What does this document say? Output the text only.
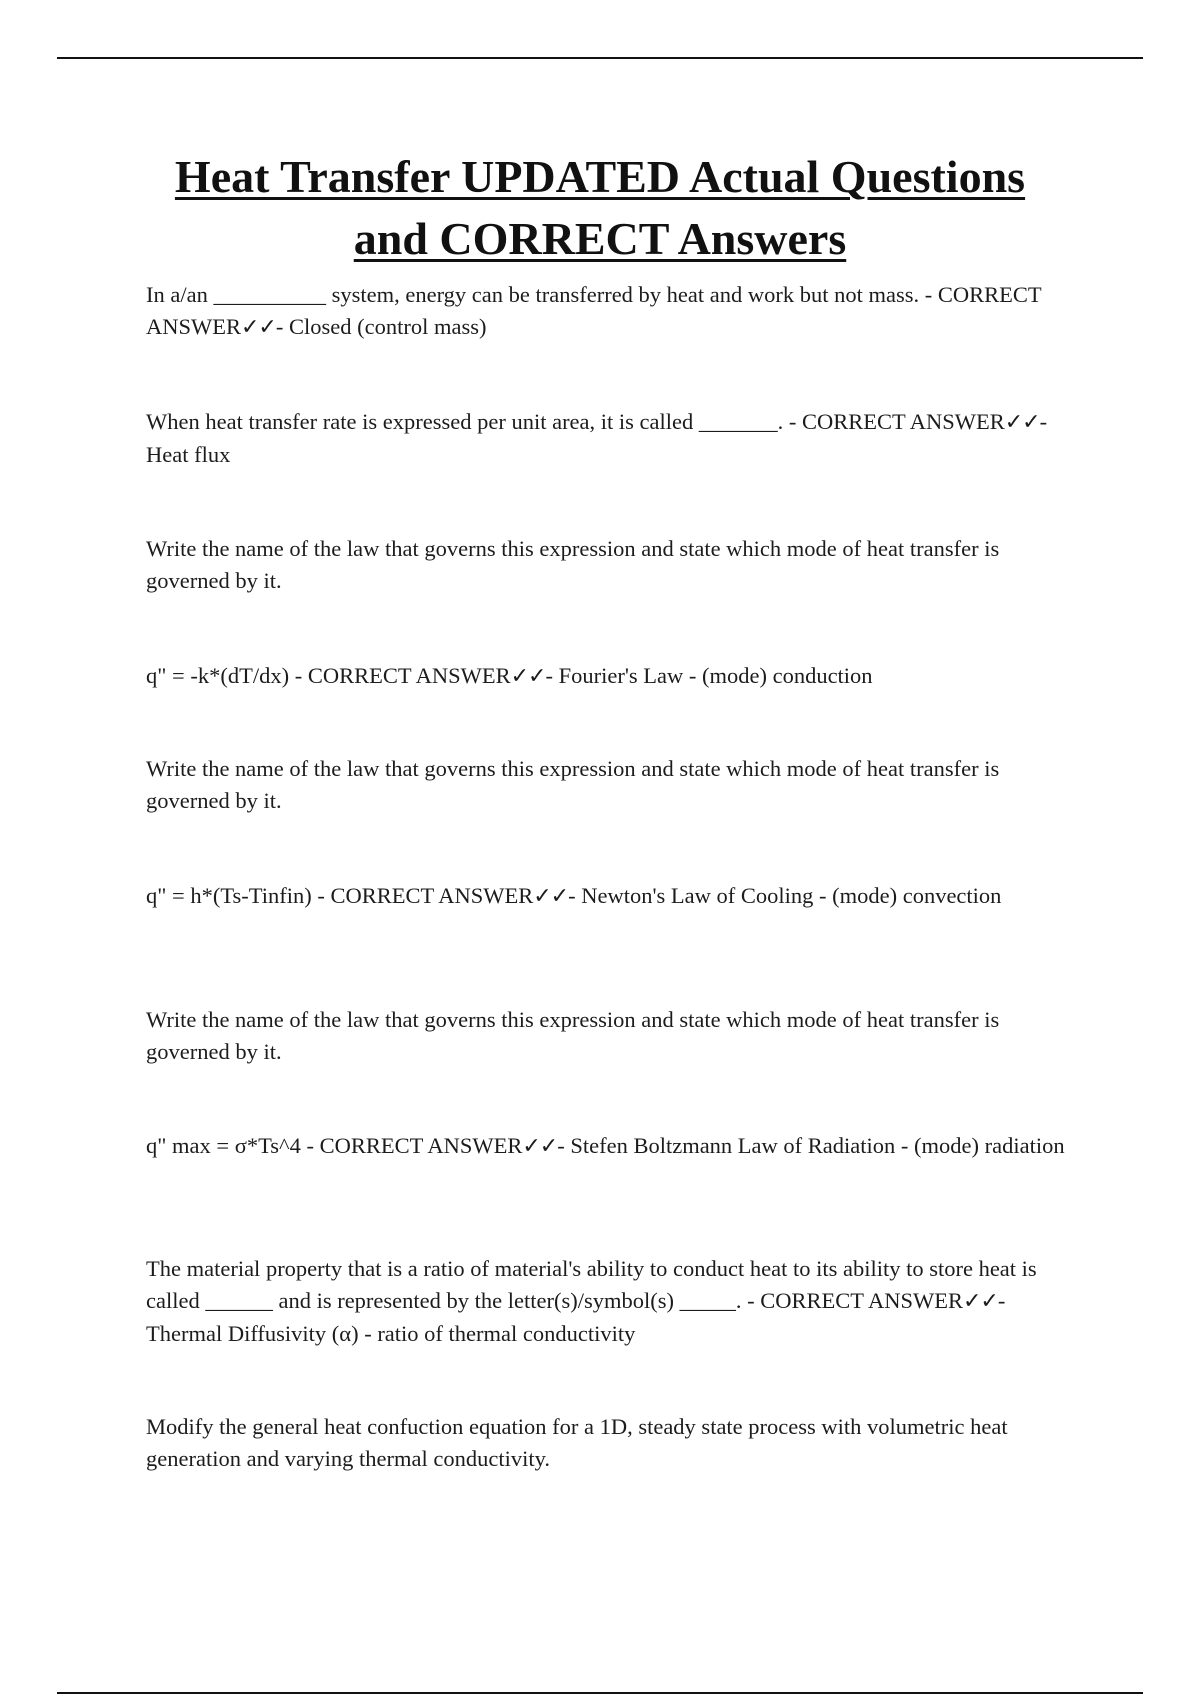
Heat Transfer UPDATED Actual Questions
and CORRECT Answers

In a/an __________ system, energy can be transferred by heat and work but not mass. - CORRECT ANSWER✓✓- Closed (control mass)

When heat transfer rate is expressed per unit area, it is called _______. - CORRECT ANSWER✓✓- Heat flux

Write the name of the law that governs this expression and state which mode of heat transfer is governed by it.

q" = -k*(dT/dx) - CORRECT ANSWER✓✓- Fourier's Law - (mode) conduction

Write the name of the law that governs this expression and state which mode of heat transfer is governed by it.

q" = h*(Ts-Tinfin) - CORRECT ANSWER✓✓- Newton's Law of Cooling - (mode) convection

Write the name of the law that governs this expression and state which mode of heat transfer is governed by it.

q" max = σ*Ts^4 - CORRECT ANSWER✓✓- Stefen Boltzmann Law of Radiation - (mode) radiation

The material property that is a ratio of material's ability to conduct heat to its ability to store heat is called ______ and is represented by the letter(s)/symbol(s) _____. - CORRECT ANSWER✓✓- Thermal Diffusivity (α) - ratio of thermal conductivity

Modify the general heat confuction equation for a 1D, steady state process with volumetric heat generation and varying thermal conductivity.
